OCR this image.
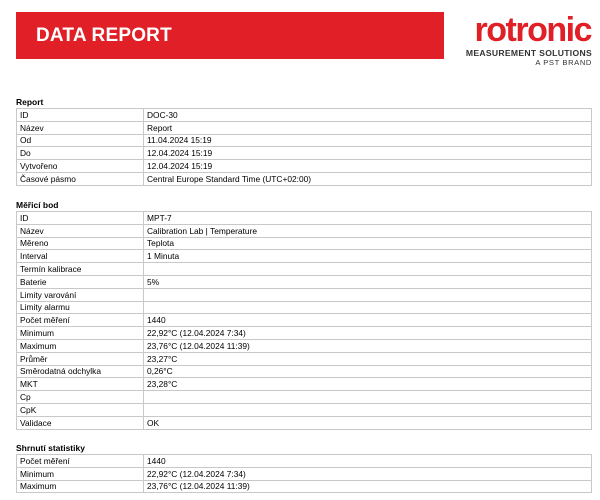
DATA REPORT	rotronic
MEASUREMENT SOLUTIONS
A PST BRAND
Report
ID	DOC-30
Název	Report
Od	11.04.2024 15:19
Do	12.04.2024 15:19
Vytvořeno	12.04.2024 15:19
Časové pásmo	Central Europe Standard Time (UTC+02:00)
Měřicí bod
ID	MPT-7
Název	Calibration Lab | Temperature
Měreno	Teplota
Interval	1 Minuta
Termín kalibrace	
Baterie	5%
Limity varování	
Limity alarmu	
Počet měření	1440
Minimum	22,92°C (12.04.2024 7:34)
Maximum	23,76°C (12.04.2024 11:39)
Průměr	23,27°C
Směrodatná odchylka	0,26°C
MKT	23,28°C
Cp	
CpK	
Validace	OK
Shrnutí statistiky
Počet měření	1440
Minimum	22,92°C (12.04.2024 7:34)
Maximum	23,76°C (12.04.2024 11:39)
